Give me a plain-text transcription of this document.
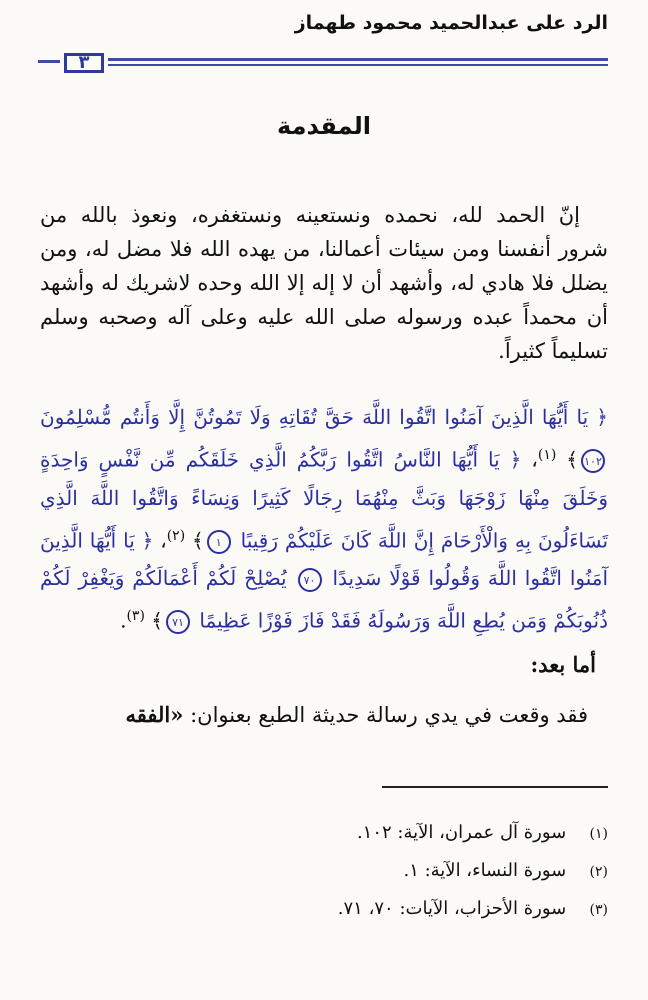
الرد على عبدالحميد محمود طهماز
٣
المقدمة

إنّ الحمد لله، نحمده ونستعينه ونستغفره، ونعوذ بالله من شرور أنفسنا ومن سيئات أعمالنا، من يهده الله فلا مضل له، ومن يضلل فلا هادي له، وأشهد أن لا إله إلا الله وحده لاشريك له وأشهد أن محمداً عبده ورسوله صلى الله عليه وعلى آله وصحبه وسلم تسليماً كثيراً.

﴿ يَا أَيُّهَا الَّذِينَ آمَنُوا اتَّقُوا اللَّهَ حَقَّ تُقَاتِهِ وَلَا تَمُوتُنَّ إِلَّا وَأَنتُم مُّسْلِمُونَ ١٠٢﴾ $^{(١)}$، ﴿ يَا أَيُّهَا النَّاسُ اتَّقُوا رَبَّكُمُ الَّذِي خَلَقَكُم مِّن نَّفْسٍ وَاحِدَةٍ وَخَلَقَ مِنْهَا زَوْجَهَا وَبَثَّ مِنْهُمَا رِجَالًا كَثِيرًا وَنِسَاءً وَاتَّقُوا اللَّهَ الَّذِي تَسَاءَلُونَ بِهِ وَالْأَرْحَامَ إِنَّ اللَّهَ كَانَ عَلَيْكُمْ رَقِيبًا ١﴾ $^{(٢)}$، ﴿ يَا أَيُّهَا الَّذِينَ آمَنُوا اتَّقُوا اللَّهَ وَقُولُوا قَوْلًا سَدِيدًا ٧٠ يُصْلِحْ لَكُمْ أَعْمَالَكُمْ وَيَغْفِرْ لَكُمْ ذُنُوبَكُمْ وَمَن يُطِعِ اللَّهَ وَرَسُولَهُ فَقَدْ فَازَ فَوْزًا عَظِيمًا ٧١﴾ $^{(٣)}$.
أما بعد:
فقد وقعت في يدي رسالة حديثة الطبع بعنوان: «الفقه
(١) سورة آل عمران، الآية: ١٠٢.
(٢) سورة النساء، الآية: ١.
(٣) سورة الأحزاب، الآيات: ٧٠، ٧١.
